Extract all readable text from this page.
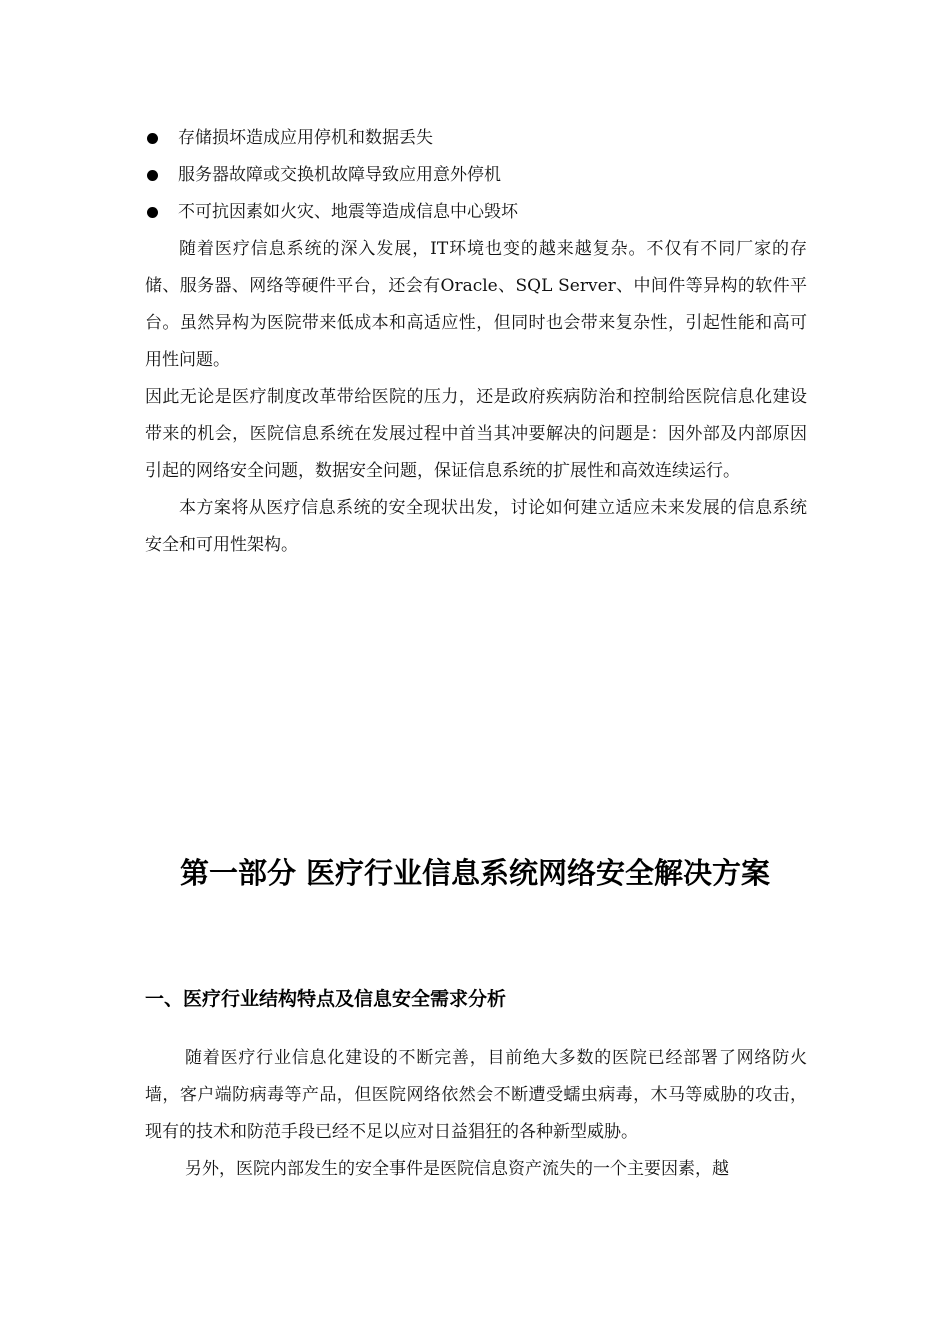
存储损坏造成应用停机和数据丢失
服务器故障或交换机故障导致应用意外停机
不可抗因素如火灾、地震等造成信息中心毁坏

随着医疗信息系统的深入发展，IT环境也变的越来越复杂。不仅有不同厂家的存储、服务器、网络等硬件平台，还会有Oracle、SQL Server、中间件等异构的软件平台。虽然异构为医院带来低成本和高适应性，但同时也会带来复杂性，引起性能和高可用性问题。

因此无论是医疗制度改革带给医院的压力，还是政府疾病防治和控制给医院信息化建设带来的机会，医院信息系统在发展过程中首当其冲要解决的问题是：因外部及内部原因引起的网络安全问题，数据安全问题，保证信息系统的扩展性和高效连续运行。

本方案将从医疗信息系统的安全现状出发，讨论如何建立适应未来发展的信息系统安全和可用性架构。

第一部分 医疗行业信息系统网络安全解决方案
一、医疗行业结构特点及信息安全需求分析

随着医疗行业信息化建设的不断完善，目前绝大多数的医院已经部署了网络防火墙，客户端防病毒等产品，但医院网络依然会不断遭受蠕虫病毒，木马等威胁的攻击，现有的技术和防范手段已经不足以应对日益猖狂的各种新型威胁。

另外，医院内部发生的安全事件是医院信息资产流失的一个主要因素，越
